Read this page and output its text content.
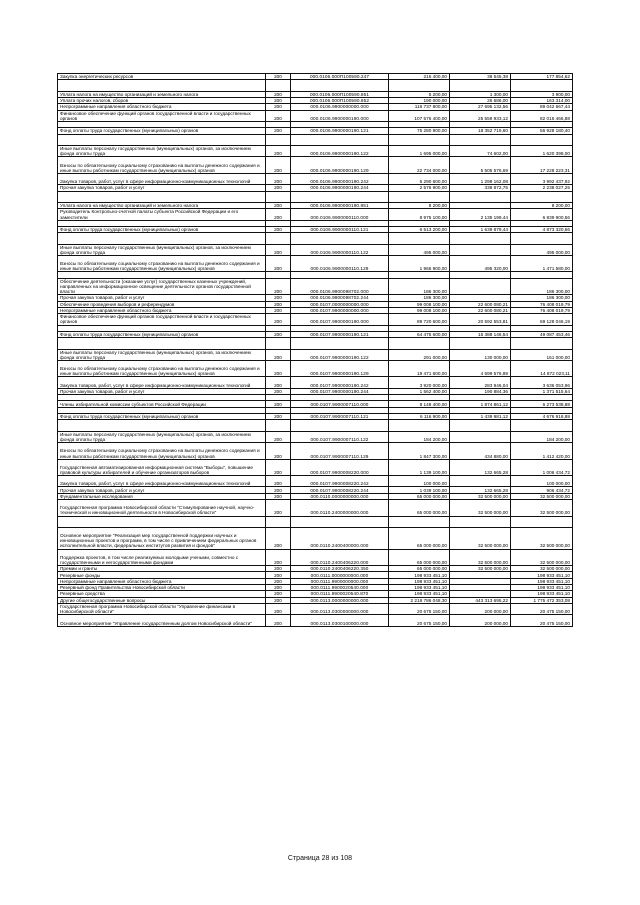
Закупка энергетических ресурсов	200	000.0106.000П100590.247	216 400,00	38 545,38	177 854,62

Уплата налога на имущество организаций и земельного налога	200	000.0106.000П100590.851	5 200,00	1 300,00	3 900,00
Уплата прочих налогов, сборов	200	000.0106.000П100590.852	190 000,00	26 686,00	163 314,00
Непрограммные направления областного бюджета	200	000.0106.9900000000.000	116 737 800,00	27 695 132,56	89 042 667,44
Финансовое обеспечение функций органов государственной власти и государственных органов	200	000.0106.9900000190.000	107 576 400,00	25 559 933,12	82 016 466,88

Фонд оплаты труда государственных (муниципальных) органов	200	000.0106.9900000190.121	75 280 900,00	18 352 719,60	56 928 180,40

Иные выплаты персоналу государственных (муниципальных) органов, за исключением фонда оплаты труда	200	000.0106.9900000190.122	1 695 000,00	74 602,00	1 620 398,00
Взносы по обязательному социальному страхованию на выплаты денежного содержания и иные выплаты работникам государственных (муниципальных) органов	200	000.0106.9900000190.129	22 734 000,00	5 505 576,69	17 228 223,31
Закупка товаров, работ, услуг в сфере информационно-коммуникационных технологий	200	000.0106.9900000190.242	5 290 600,00	1 298 162,08	3 992 437,92
Прочая закупка товаров, работ и услуг	200	000.0106.9900000190.244	2 576 900,00	338 872,75	2 238 027,25

Уплата налога на имущество организаций и земельного налога	200	000.0106.9900000190.851	8 200,00		8 200,00
Руководитель Контрольно-счетной палаты субъекта Российской Федерации и его заместители	200	000.0106.9900000110.000	8 975 100,00	2 135 199,44	6 839 900,56

Фонд оплаты труда государственных (муниципальных) органов	200	000.0106.9900000110.121	6 513 200,00	1 639 879,44	4 873 320,56

Иные выплаты персоналу государственных (муниципальных) органов, за исключением фонда оплаты труда	200	000.0106.9900000110.122	495 000,00		495 000,00
Взносы по обязательному социальному страхованию на выплаты денежного содержания и иные выплаты работникам государственных (муниципальных) органов	200	000.0106.9900000110.129	1 966 900,00	495 320,00	1 471 580,00

Обеспечение деятельности (оказание услуг) государственных казенных учреждений, направленных на информационное освещение деятельности органов государственной власти	200	000.0106.9900098702.000	186 300,00		186 300,00
Прочая закупка товаров, работ и услуг	200	000.0106.9900098702.244	186 300,00		186 300,00
Обеспечение проведения выборов и референдумов	200	000.0107.0000000000.000	99 008 100,00	22 600 080,21	76 408 019,79
Непрограммные направления областного бюджета	200	000.0107.9900000000.000	99 008 100,00	22 600 080,21	76 408 019,79
Финансовое обеспечение функций органов государственной власти и государственных органов	200	000.0107.9900000190.000	89 720 600,00	20 592 553,81	69 128 046,19

Фонд оплаты труда государственных (муниципальных) органов	200	000.0107.9900000190.121	64 475 600,00	15 388 146,54	49 087 453,46

Иные выплаты персоналу государственных (муниципальных) органов, за исключением фонда оплаты труда	200	000.0107.9900000190.122	291 000,00	130 000,00	161 000,00
Взносы по обязательному социальному страхованию на выплаты денежного содержания и иные выплаты работникам государственных (муниципальных) органов	200	000.0107.9900000190.129	19 471 600,00	4 599 576,89	14 872 023,11
Закупка товаров, работ, услуг в сфере информационно-коммуникационных технологий	200	000.0107.9900000190.242	3 920 000,00	283 946,04	3 636 053,96
Прочая закупка товаров, работ и услуг	200	000.0107.9900000190.244	1 562 400,00	190 884,36	1 371 515,64

Члены избирательной комиссии субъектов Российской Федерации	200	000.0107.9900007110.000	8 148 400,00	1 874 861,12	6 273 538,88

Фонд оплаты труда государственных (муниципальных) органов	200	000.0107.9900007110.121	6 116 900,00	1 439 981,12	4 676 918,88

Иные выплаты персоналу государственных (муниципальных) органов, за исключением фонда оплаты труда	200	000.0107.9900007110.122	184 200,00		184 200,00
Взносы по обязательному социальному страхованию на выплаты денежного содержания и иные выплаты работникам государственных (муниципальных) органов	200	000.0107.9900007110.129	1 847 300,00	434 880,00	1 412 420,00
Государственная автоматизированная информационная система "Выборы", повышение правовой культуры избирателей и обучение организаторов выборов	200	000.0107.9900008220.000	1 139 100,00	132 665,28	1 006 434,72
Закупка товаров, работ, услуг в сфере информационно-коммуникационных технологий	200	000.0107.9900008220.242	100 000,00		100 000,00
Прочая закупка товаров, работ и услуг	200	000.0107.9900008220.244	1 039 100,00	132 665,28	906 434,72
Фундаментальные исследования	200	000.0110.0000000000.000	65 000 000,00	32 500 000,00	32 500 000,00
Государственная программа Новосибирской области "Стимулирование научной, научно-технической и инновационной деятельности в Новосибирской области"	200	000.0110.2400000000.000	65 000 000,00	32 500 000,00	32 500 000,00

Основное мероприятие "Реализация мер государственной поддержки научных и инновационных проектов и программ, в том числе с привлечением федеральных органов исполнительной власти, федеральных институтов развития и фондов"	200	000.0110.2400400000.000	65 000 000,00	32 500 000,00	32 500 000,00
Поддержка проектов, в том числе реализуемых молодыми учеными, совместно с государственными и негосударственными фондами	200	000.0110.2400406220.000	65 000 000,00	32 500 000,00	32 500 000,00
Премии и гранты	200	000.0110.2400406220.350	65 000 000,00	32 500 000,00	32 500 000,00
Резервные фонды	200	000.0111.0000000000.000	198 933 451,10		198 933 451,10
Непрограммные направления областного бюджета	200	000.0111.9900000000.000	198 933 451,10		198 933 451,10
Резервный фонд Правительства Новосибирской области	200	000.0111.9900020540.000	198 933 451,10		198 933 451,10
Резервные средства	200	000.0111.9900020540.870	198 933 451,10		198 933 451,10
Другие общегосударственные вопросы	200	000.0113.0000000000.000	2 218 786 048,30	443 313 695,22	1 775 472 353,08
Государственная программа Новосибирской области "Управление финансами в Новосибирской области"	200	000.0113.0300000000.000	20 675 150,00	200 000,00	20 475 150,00
Основное мероприятие "Управление государственным долгом Новосибирской области"	200	000.0113.0300100000.000	20 675 150,00	200 000,00	20 475 150,00
Страница 28 из 108
